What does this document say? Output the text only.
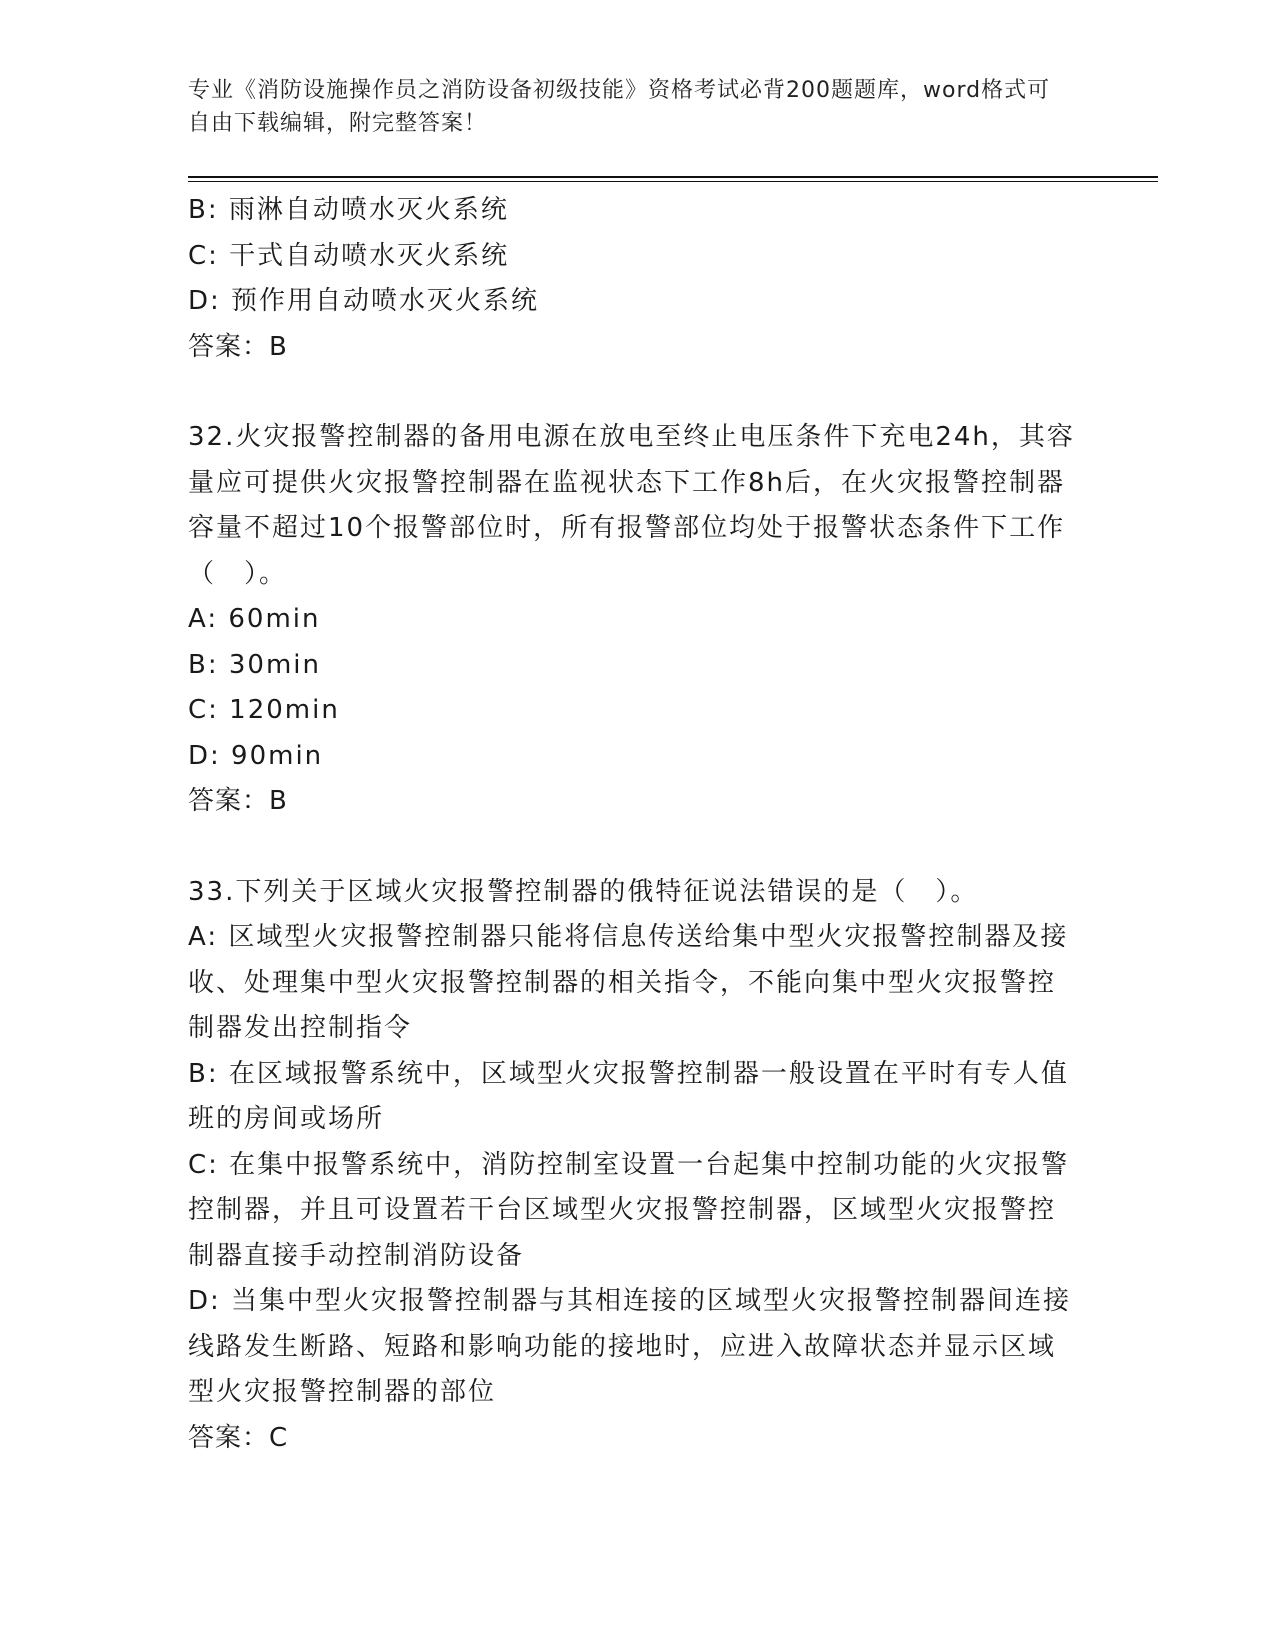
专业《消防设施操作员之消防设备初级技能》资格考试必背200题题库，word格式可自由下载编辑，附完整答案！
B: 雨淋自动喷水灭火系统
C: 干式自动喷水灭火系统
D: 预作用自动喷水灭火系统
答案：B
32.火灾报警控制器的备用电源在放电至终止电压条件下充电24h，其容量应可提供火灾报警控制器在监视状态下工作8h后，在火灾报警控制器容量不超过10个报警部位时，所有报警部位均处于报警状态条件下工作（　）。
A: 60min
B: 30min
C: 120min
D: 90min
答案：B
33.下列关于区域火灾报警控制器的俄特征说法错误的是（　）。
A: 区域型火灾报警控制器只能将信息传送给集中型火灾报警控制器及接收、处理集中型火灾报警控制器的相关指令，不能向集中型火灾报警控制器发出控制指令
B: 在区域报警系统中，区域型火灾报警控制器一般设置在平时有专人值班的房间或场所
C: 在集中报警系统中，消防控制室设置一台起集中控制功能的火灾报警控制器，并且可设置若干台区域型火灾报警控制器，区域型火灾报警控制器直接手动控制消防设备
D: 当集中型火灾报警控制器与其相连接的区域型火灾报警控制器间连接线路发生断路、短路和影响功能的接地时，应进入故障状态并显示区域型火灾报警控制器的部位
答案：C
